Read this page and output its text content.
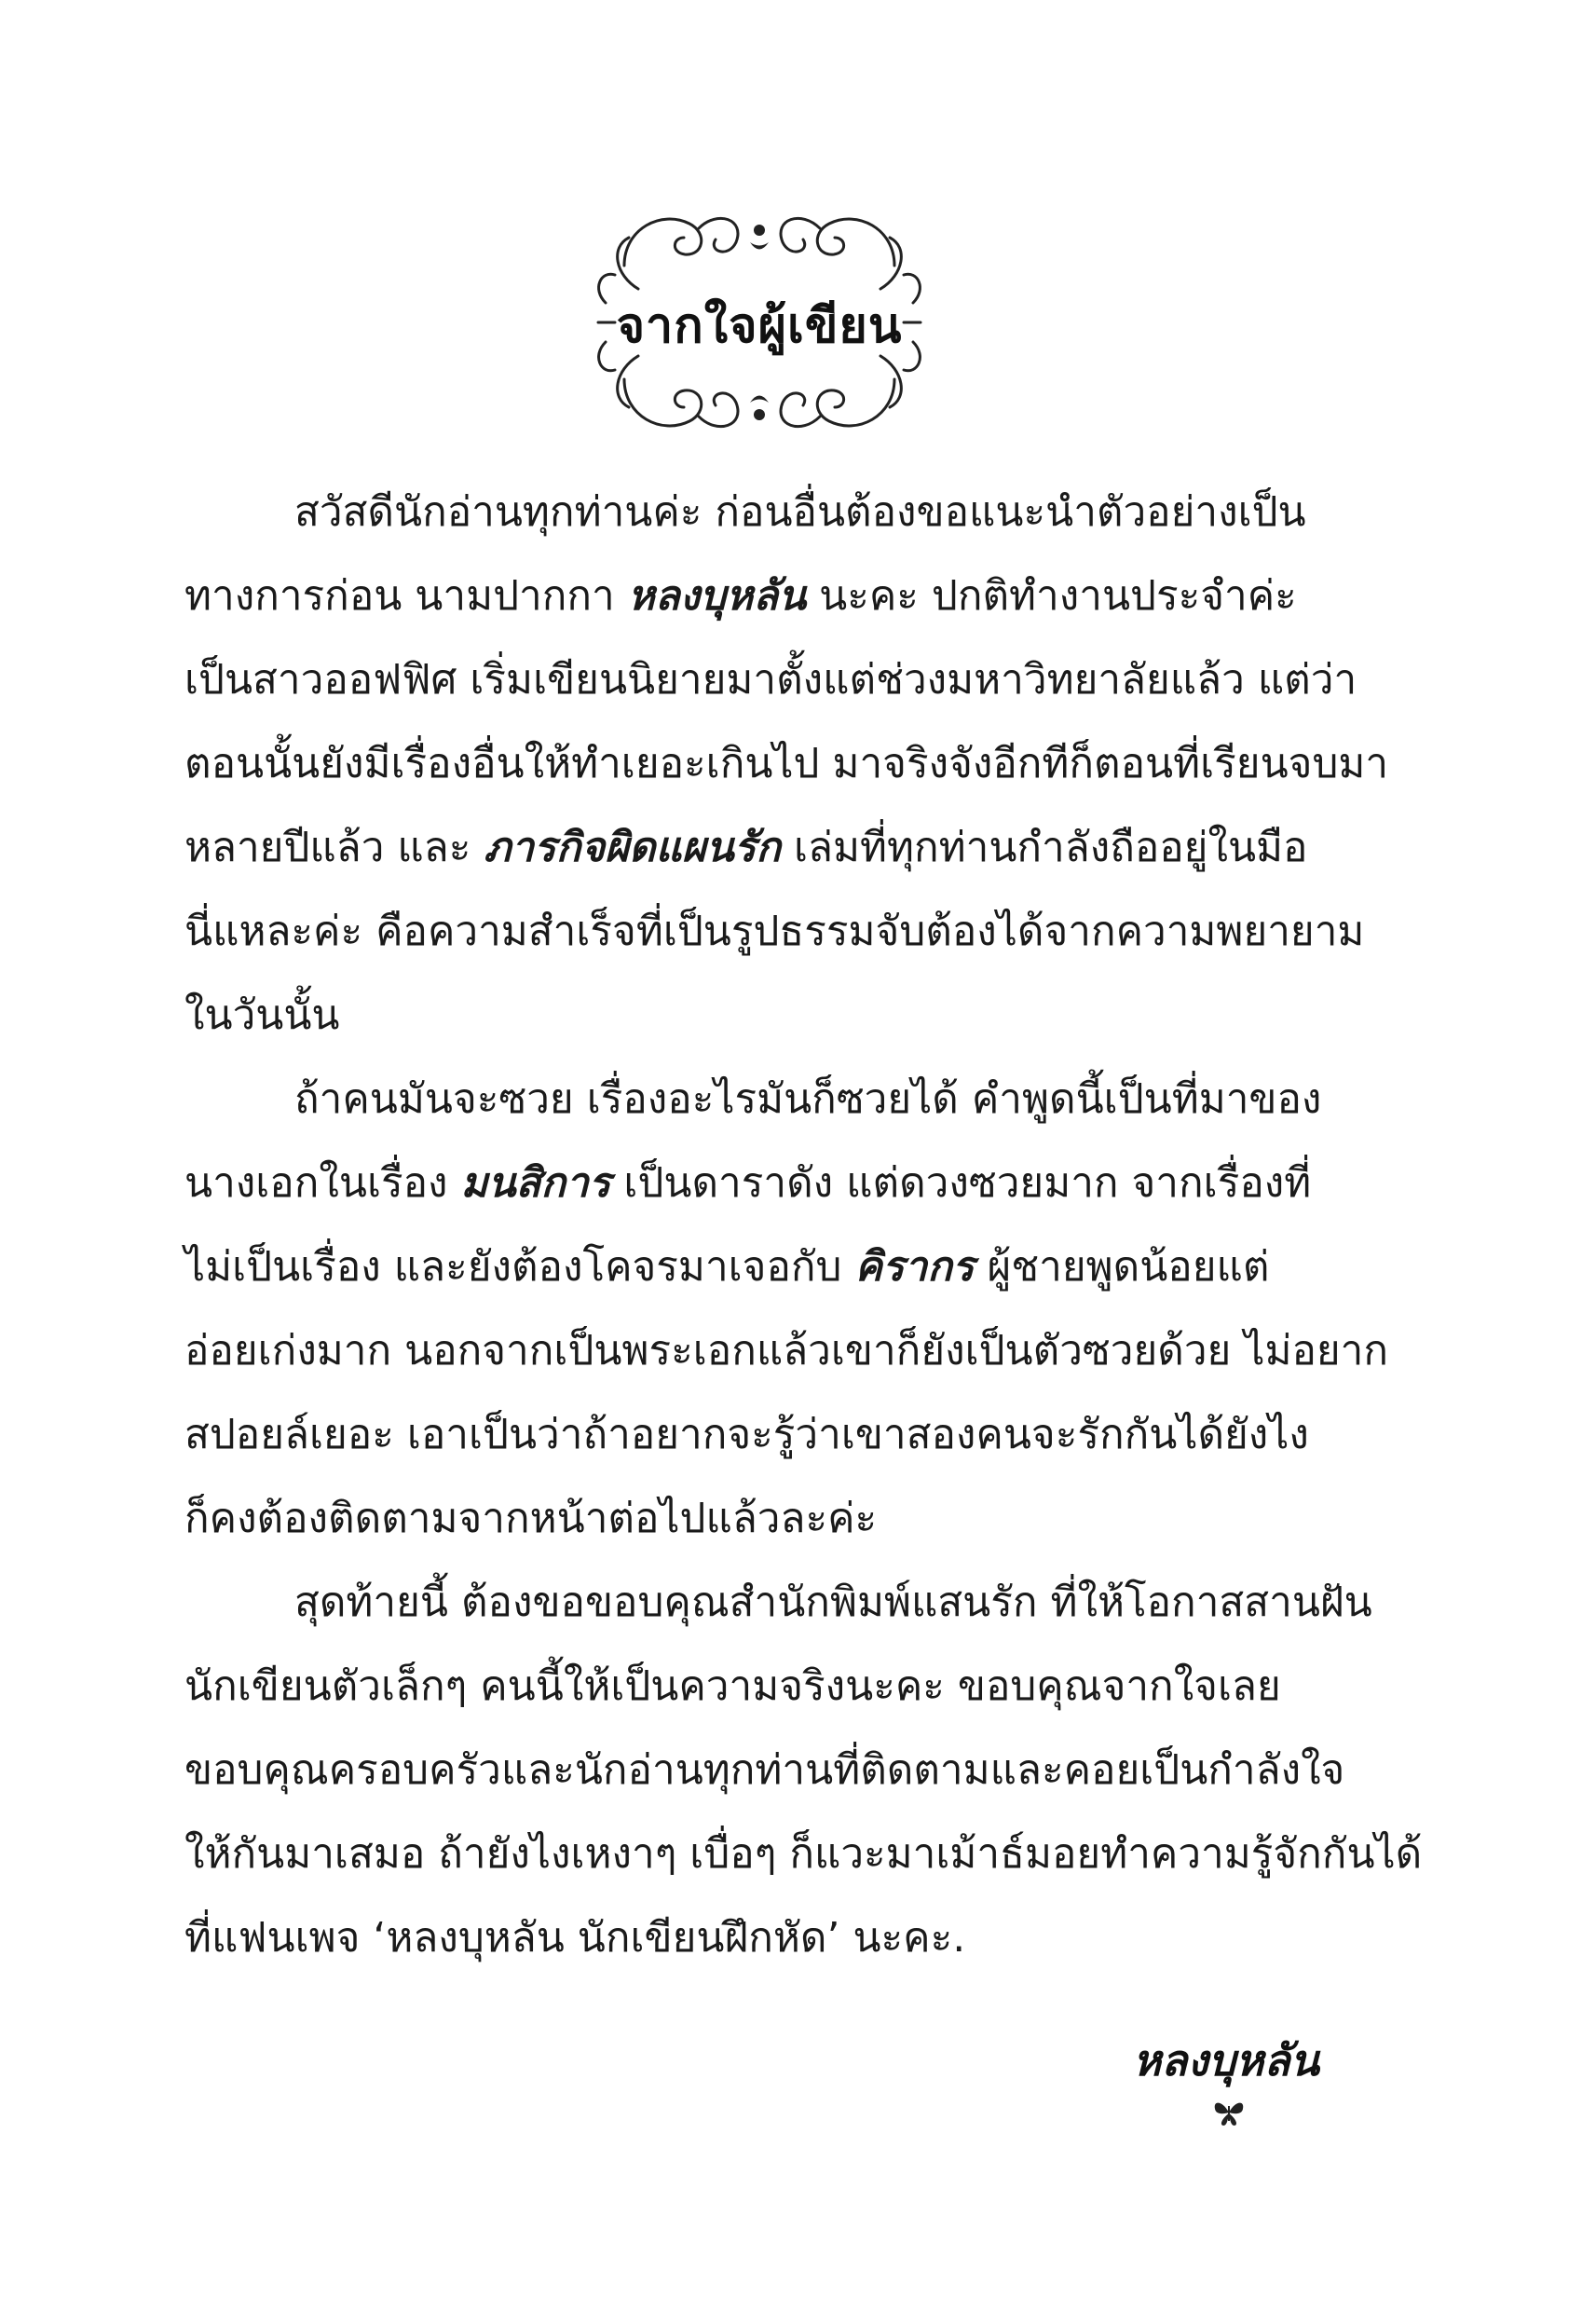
จากใจผู้เขียน
สวัสดีนักอ่านทุกท่านค่ะ ก่อนอื่นต้องขอแนะนำตัวอย่างเป็น
ทางการก่อน นามปากกา หลงบุหลัน นะคะ ปกติทำงานประจำค่ะ
เป็นสาวออฟฟิศ เริ่มเขียนนิยายมาตั้งแต่ช่วงมหาวิทยาลัยแล้ว แต่ว่า
ตอนนั้นยังมีเรื่องอื่นให้ทำเยอะเกินไป มาจริงจังอีกทีก็ตอนที่เรียนจบมา
หลายปีแล้ว และ ภารกิจผิดแผนรัก เล่มที่ทุกท่านกำลังถืออยู่ในมือ
นี่แหละค่ะ คือความสำเร็จที่เป็นรูปธรรมจับต้องได้จากความพยายาม
ในวันนั้น
ถ้าคนมันจะซวย เรื่องอะไรมันก็ซวยได้ คำพูดนี้เป็นที่มาของ
นางเอกในเรื่อง มนสิการ เป็นดาราดัง แต่ดวงซวยมาก จากเรื่องที่
ไม่เป็นเรื่อง และยังต้องโคจรมาเจอกับ คิรากร ผู้ชายพูดน้อยแต่
อ่อยเก่งมาก นอกจากเป็นพระเอกแล้วเขาก็ยังเป็นตัวซวยด้วย ไม่อยาก
สปอยล์เยอะ เอาเป็นว่าถ้าอยากจะรู้ว่าเขาสองคนจะรักกันได้ยังไง
ก็คงต้องติดตามจากหน้าต่อไปแล้วละค่ะ
สุดท้ายนี้ ต้องขอขอบคุณสำนักพิมพ์แสนรัก ที่ให้โอกาสสานฝัน
นักเขียนตัวเล็กๆ คนนี้ให้เป็นความจริงนะคะ ขอบคุณจากใจเลย
ขอบคุณครอบครัวและนักอ่านทุกท่านที่ติดตามและคอยเป็นกำลังใจ
ให้กันมาเสมอ ถ้ายังไงเหงาๆ เบื่อๆ ก็แวะมาเม้าธ์มอยทำความรู้จักกันได้
ที่แฟนเพจ ‘หลงบุหลัน นักเขียนฝึกหัด’ นะคะ.
หลงบุหลัน
